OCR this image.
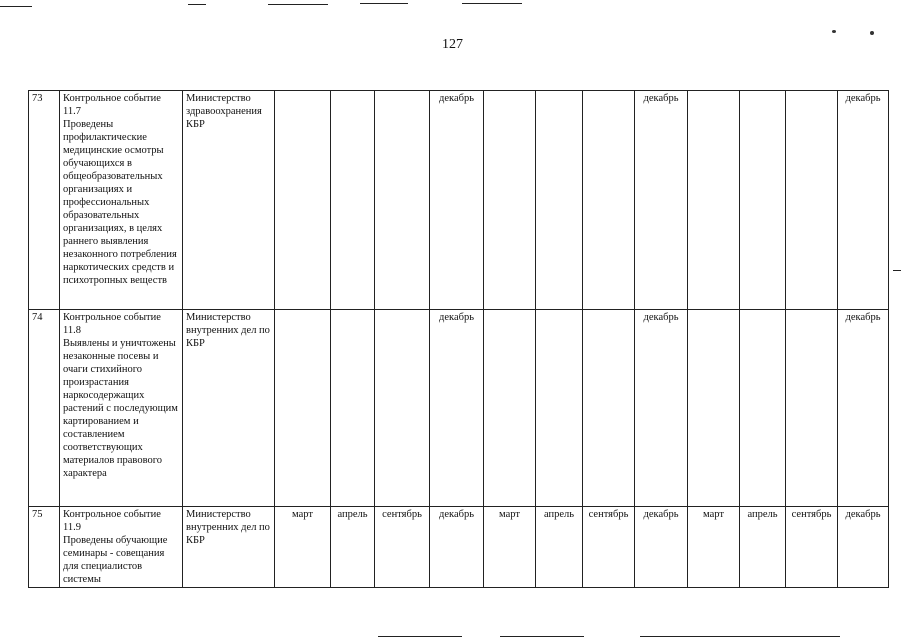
127
73	Контрольное событие 11.7
Проведены профилактические медицинские осмотры обучающихся в общеобразовательных организациях и профессиональных образовательных организациях, в целях раннего выявления незаконного потребления наркотических средств и психотропных веществ	Министерство здравоохранения КБР				декабрь				декабрь				декабрь
74	Контрольное событие 11.8
Выявлены и уничтожены незаконные посевы и очаги стихийного произрастания наркосодержащих растений с последующим картированием и составлением соответствующих материалов правового характера	Министерство внутренних дел по КБР				декабрь				декабрь				декабрь
75	Контрольное событие 11.9
Проведены обучающие семинары - совещания для специалистов системы	Министерство внутренних дел по КБР	март	апрель	сентябрь	декабрь	март	апрель	сентябрь	декабрь	март	апрель	сентябрь	декабрь
